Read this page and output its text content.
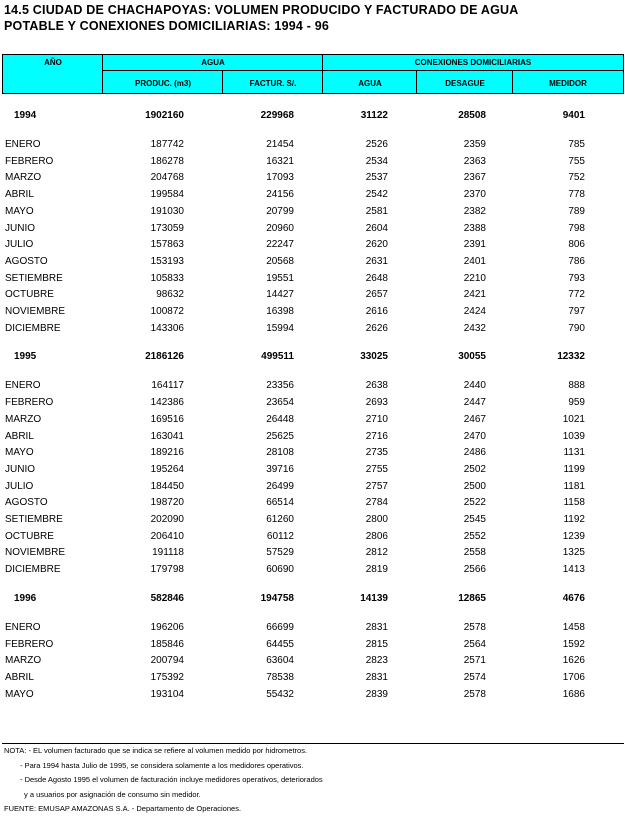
14.5 CIUDAD DE CHACHAPOYAS: VOLUMEN PRODUCIDO Y FACTURADO DE AGUA
POTABLE Y CONEXIONES DOMICILIARIAS: 1994 - 96
AÑO	AGUA	CONEXIONES DOMICILIARIAS
PRODUC. (m3)	FACTUR. S/.	AGUA	DESAGUE	MEDIDOR
1994	1902160	229968	31122	28508	9401
ENERO	187742	21454	2526	2359	785
FEBRERO	186278	16321	2534	2363	755
MARZO	204768	17093	2537	2367	752
ABRIL	199584	24156	2542	2370	778
MAYO	191030	20799	2581	2382	789
JUNIO	173059	20960	2604	2388	798
JULIO	157863	22247	2620	2391	806
AGOSTO	153193	20568	2631	2401	786
SETIEMBRE	105833	19551	2648	2210	793
OCTUBRE	98632	14427	2657	2421	772
NOVIEMBRE	100872	16398	2616	2424	797
DICIEMBRE	143306	15994	2626	2432	790
1995	2186126	499511	33025	30055	12332
ENERO	164117	23356	2638	2440	888
FEBRERO	142386	23654	2693	2447	959
MARZO	169516	26448	2710	2467	1021
ABRIL	163041	25625	2716	2470	1039
MAYO	189216	28108	2735	2486	1131
JUNIO	195264	39716	2755	2502	1199
JULIO	184450	26499	2757	2500	1181
AGOSTO	198720	66514	2784	2522	1158
SETIEMBRE	202090	61260	2800	2545	1192
OCTUBRE	206410	60112	2806	2552	1239
NOVIEMBRE	191118	57529	2812	2558	1325
DICIEMBRE	179798	60690	2819	2566	1413
1996	582846	194758	14139	12865	4676
ENERO	196206	66699	2831	2578	1458
FEBRERO	185846	64455	2815	2564	1592
MARZO	200794	63604	2823	2571	1626
ABRIL	175392	78538	2831	2574	1706
MAYO	193104	55432	2839	2578	1686
NOTA: - EL volumen facturado que se indica se refiere al volumen medido por hidrometros.
- Para 1994 hasta Julio de 1995, se considera solamente a los medidores operativos.
- Desde Agosto 1995 el volumen de facturación incluye medidores operativos, deteriorados
y a usuarios por asignación de consumo sin medidor.
FUENTE: EMUSAP AMAZONAS S.A. - Departamento de Operaciones.
